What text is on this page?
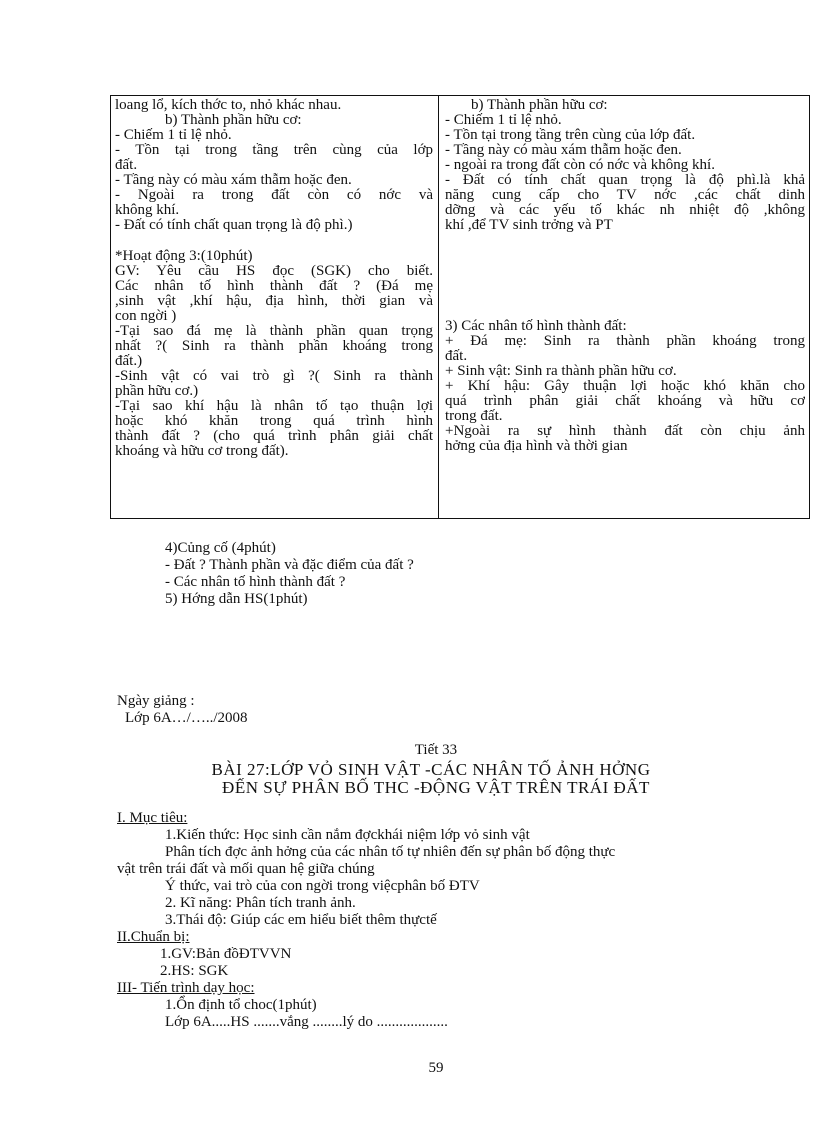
loang lổ, kích thớc to, nhỏ khác nhau.
b) Thành phần hữu cơ:
- Chiếm 1 tỉ lệ nhỏ.
- Tồn tại trong tầng trên cùng của lớp
đất.
- Tầng này có màu xám thẫm hoặc đen.
- Ngoài ra trong đất còn có nớc và
không khí.
- Đất có tính chất quan trọng là độ phì.)
*Hoạt động 3:(10phút)
GV: Yêu cầu HS đọc (SGK) cho biết.
Các nhân tố hình thành đất ? (Đá mẹ
,sinh vật ,khí hậu, địa hình, thời gian và
con ngời )
-Tại sao đá mẹ là thành phần quan trọng
nhất ?( Sinh ra thành phần khoáng trong
đất.)
-Sinh vật có vai trò gì ?( Sinh ra thành
phần hữu cơ.)
-Tại sao khí hậu là nhân tố tạo thuận lợi
hoặc khó khăn trong quá trình hình
thành đất ? (cho quá trình phân giải chất
khoáng và hữu cơ trong đất).
b) Thành phần hữu cơ:
- Chiếm 1 tỉ lệ nhỏ.
- Tồn tại trong tầng trên cùng của lớp đất.
- Tầng này có màu xám thẫm hoặc đen.
- ngoài ra trong đất còn có nớc và không khí.
- Đất có tính chất quan trọng là độ phì.là khả
năng cung cấp cho TV nớc ,các chất dinh
dỡng và các yếu tố khác nh nhiệt độ ,không
khí ,để TV sinh trởng và PT
3) Các nhân tố hình thành đất:
+ Đá mẹ: Sinh ra thành phần khoáng trong
đất.
+ Sinh vật: Sinh ra thành phần hữu cơ.
+ Khí hậu: Gây thuận lợi hoặc khó khăn cho
quá trình phân giải chất khoáng và hữu cơ
trong đất.
+Ngoài ra sự hình thành đất còn chịu ảnh
hởng của địa hình và thời gian
4)Củng cố (4phút)
- Đất ? Thành phần và đặc điểm của đất ?
- Các nhân tố hình thành đất ?
5) Hớng dẫn HS(1phút)
Ngày giảng :
Lớp 6A…/…../2008
Tiết 33
BÀI 27:LỚP VỎ SINH VẬT -CÁC NHÂN TỐ ẢNH HỞNG
ĐẾN SỰ PHÂN BỐ THC -ĐỘNG VẬT TRÊN TRÁI ĐẤT
I. Mục tiêu:
1.Kiến thức: Học sinh cần nắm đợckhái niệm lớp vỏ sinh vật
Phân tích đợc ảnh hởng của các nhân tố tự nhiên đến sự phân bố động thực
vật trên trái đất và mối quan hệ giữa chúng
Ý thức, vai trò của con ngời trong việcphân bố ĐTV
2. Kĩ năng: Phân tích tranh ảnh.
3.Thái độ: Giúp các em hiểu biết thêm thựctế
II.Chuẩn bị:
1.GV:Bản đồĐTVVN
2.HS: SGK
III- Tiến trình dạy học:
1.Ổn định tổ choc(1phút)
Lớp 6A.....HS .......vắng ........lý do ...................
59
